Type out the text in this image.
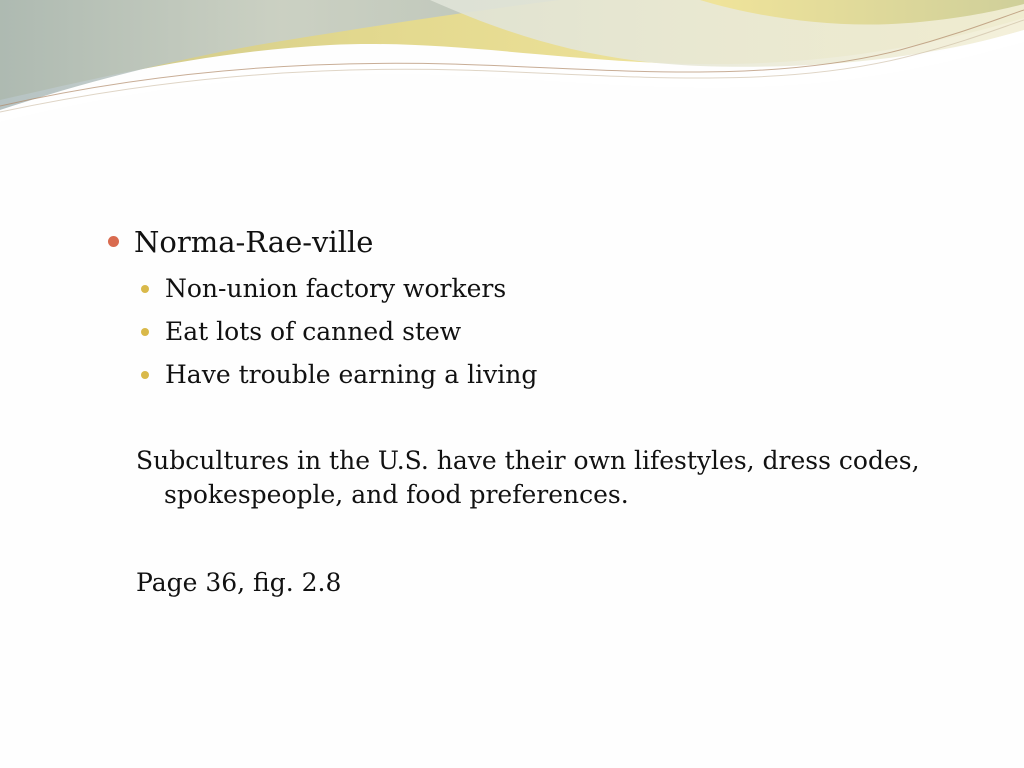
Norma-Rae-ville
Non-union factory workers
Eat lots of canned stew
Have trouble earning a living
Subcultures in the U.S. have their own lifestyles, dress codes, spokespeople, and food preferences.
Page 36, fig. 2.8
